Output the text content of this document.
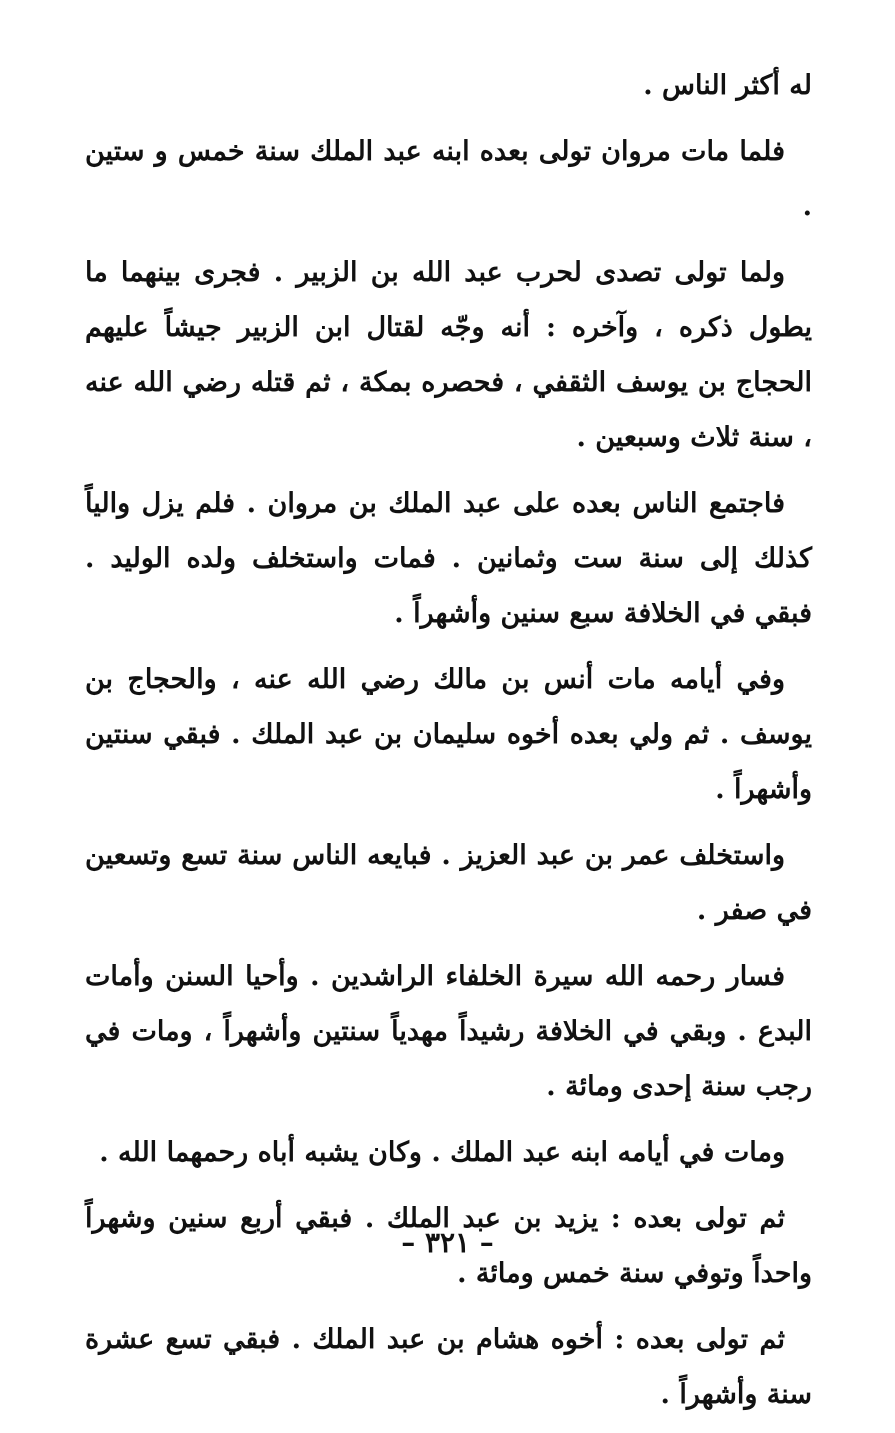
له أكثر الناس .

فلما مات مروان تولى بعده ابنه عبد الملك سنة خمس و ستين .

ولما تولى تصدى لحرب عبد الله بن الزبير . فجرى بينهما ما يطول ذكره ، وآخره : أنه وجّه لقتال ابن الزبير جيشاً عليهم الحجاج بن يوسف الثقفي ، فحصره بمكة ، ثم قتله رضي الله عنه ، سنة ثلاث وسبعين .

فاجتمع الناس بعده على عبد الملك بن مروان . فلم يزل والياً كذلك إلى سنة ست وثمانين . فمات واستخلف ولده الوليد . فبقي في الخلافة سبع سنين وأشهراً .

وفي أيامه مات أنس بن مالك رضي الله عنه ، والحجاج بن يوسف . ثم ولي بعده أخوه سليمان بن عبد الملك . فبقي سنتين وأشهراً .

واستخلف عمر بن عبد العزيز . فبايعه الناس سنة تسع وتسعين في صفر .

فسار رحمه الله سيرة الخلفاء الراشدين . وأحيا السنن وأمات البدع . وبقي في الخلافة رشيداً مهدياً سنتين وأشهراً ، ومات في رجب سنة إحدى ومائة .

ومات في أيامه ابنه عبد الملك . وكان يشبه أباه رحمهما الله .

ثم تولى بعده : يزيد بن عبد الملك . فبقي أربع سنين وشهراً واحداً وتوفي سنة خمس ومائة .

ثم تولى بعده : أخوه هشام بن عبد الملك . فبقي تسع عشرة سنة وأشهراً .

– ٣٢١ –
